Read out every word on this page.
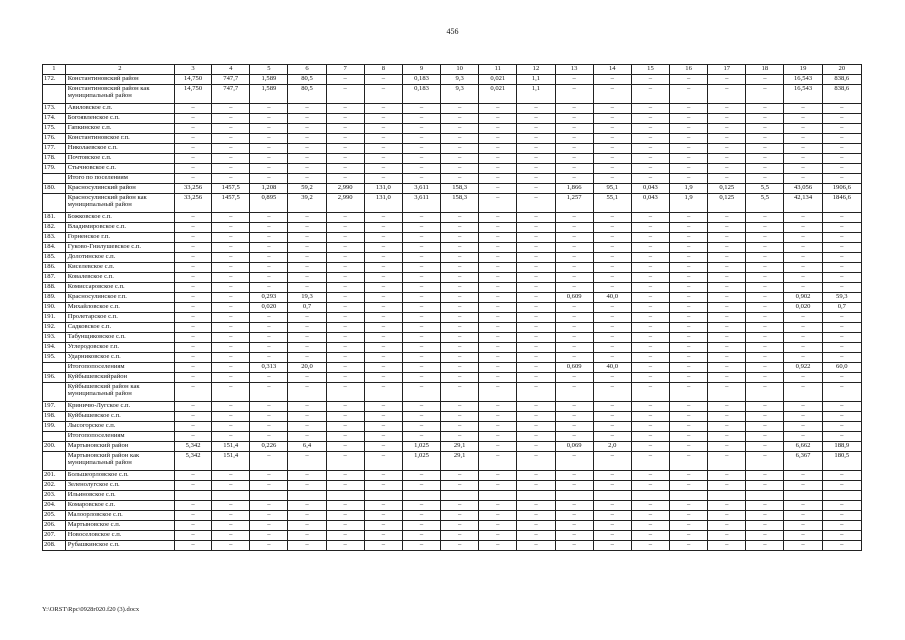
456
1	2	3	4	5	6	7	8	9	10	11	12	13	14	15	16	17	18	19	20
172.	Константиновский район	14,750	747,7	1,589	80,5	–	–	0,183	9,3	0,021	1,1	–	–	–	–	–	–	16,543	838,6
	Константиновский район как муниципальный район	14,750	747,7	1,589	80,5	–	–	0,183	9,3	0,021	1,1	–	–	–	–	–	–	16,543	838,6
173.	Авиловское с.п.	–	–	–	–	–	–	–	–	–	–	–	–	–	–	–	–	–	–
174.	Богоявленское с.п.	–	–	–	–	–	–	–	–	–	–	–	–	–	–	–	–	–	–
175.	Гапкинское с.п.	–	–	–	–	–	–	–	–	–	–	–	–	–	–	–	–	–	–
176.	Константиновское г.п.	–	–	–	–	–	–	–	–	–	–	–	–	–	–	–	–	–	–
177.	Николаевское с.п.	–	–	–	–	–	–	–	–	–	–	–	–	–	–	–	–	–	–
178.	Почтовское с.п.	–	–	–	–	–	–	–	–	–	–	–	–	–	–	–	–	–	–
179.	Стычновское с.п.	–	–	–	–	–	–	–	–	–	–	–	–	–	–	–	–	–	–
	Итого по поселениям	–	–	–	–	–	–	–	–	–	–	–	–	–	–	–	–	–	–
180.	Красносулинский район	33,256	1457,5	1,208	59,2	2,990	131,0	3,611	158,3	–	–	1,866	95,1	0,043	1,9	0,125	5,5	43,056	1906,6
	Красносулинский район как муниципальный район	33,256	1457,5	0,895	39,2	2,990	131,0	3,611	158,3	–	–	1,257	55,1	0,043	1,9	0,125	5,5	42,134	1846,6
181.	Божковское с.п.	–	–	–	–	–	–	–	–	–	–	–	–	–	–	–	–	–	–
182.	Владимировское с.п.	–	–	–	–	–	–	–	–	–	–	–	–	–	–	–	–	–	–
183.	Горненское г.п.	–	–	–	–	–	–	–	–	–	–	–	–	–	–	–	–	–	–
184.	Гуково-Гнилушевское с.п.	–	–	–	–	–	–	–	–	–	–	–	–	–	–	–	–	–	–
185.	Долотинское с.п.	–	–	–	–	–	–	–	–	–	–	–	–	–	–	–	–	–	–
186.	Киселевское с.п.	–	–	–	–	–	–	–	–	–	–	–	–	–	–	–	–	–	–
187.	Ковалевское с.п.	–	–	–	–	–	–	–	–	–	–	–	–	–	–	–	–	–	–
188.	Комиссаровское с.п.	–	–	–	–	–	–	–	–	–	–	–	–	–	–	–	–	–	–
189.	Красносулинское г.п.	–	–	0,293	19,3	–	–	–	–	–	–	0,609	40,0	–	–	–	–	0,902	59,3
190.	Михайловское с.п.	–	–	0,020	0,7	–	–	–	–	–	–	–	–	–	–	–	–	0,020	0,7
191.	Пролетарское с.п.	–	–	–	–	–	–	–	–	–	–	–	–	–	–	–	–	–	–
192.	Садковское с.п.	–	–	–	–	–	–	–	–	–	–	–	–	–	–	–	–	–	–
193.	Табунщиковское с.п.	–	–	–	–	–	–	–	–	–	–	–	–	–	–	–	–	–	–
194.	Углеродовское г.п.	–	–	–	–	–	–	–	–	–	–	–	–	–	–	–	–	–	–
195.	Ударниковское с.п.	–	–	–	–	–	–	–	–	–	–	–	–	–	–	–	–	–	–
	Итогопопоселениям	–	–	0,313	20,0	–	–	–	–	–	–	0,609	40,0	–	–	–	–	0,922	60,0
196.	Куйбышевскийрайон	–	–	–	–	–	–	–	–	–	–	–	–	–	–	–	–	–	–
	Куйбышевский район как муниципальный район	–	–	–	–	–	–	–	–	–	–	–	–	–	–	–	–	–	–
197.	Криничю-Лугское с.п.	–	–	–	–	–	–	–	–	–	–	–	–	–	–	–	–	–	–
198.	Куйбышевское с.п.	–	–	–	–	–	–	–	–	–	–	–	–	–	–	–	–	–	–
199.	Лысогорское с.п.	–	–	–	–	–	–	–	–	–	–	–	–	–	–	–	–	–	–
	Итогопопоселениям	–	–	–	–	–	–	–	–	–	–	–	–	–	–	–	–	–	–
200.	Мартыновский район	5,342	151,4	0,226	6,4	–	–	1,025	29,1	–	–	0,069	2,0	–	–	–	–	6,662	188,9
	Мартыновский район как муниципальный район	5,342	151,4	–	–	–	–	1,025	29,1	–	–	–	–	–	–	–	–	6,367	180,5
201.	Большеорловское с.п.	–	–	–	–	–	–	–	–	–	–	–	–	–	–	–	–	–	–
202.	Зеленолугское с.п.	–	–	–	–	–	–	–	–	–	–	–	–	–	–	–	–	–	–
203.	Ильиновское с.п.																		
204.	Комаровское с.п.	–	–	–	–	–	–	–	–	–	–	–	–	–	–	–	–	–	–
205.	Малоорловское с.п.	–	–	–	–	–	–	–	–	–	–	–	–	–	–	–	–	–	–
206.	Мартыновское с.п.	–	–	–	–	–	–	–	–	–	–	–	–	–	–	–	–	–	–
207.	Новоселовское с.п.	–	–	–	–	–	–	–	–	–	–	–	–	–	–	–	–	–	–
208.	Рубашкинское с.п.	–	–	–	–	–	–	–	–	–	–	–	–	–	–	–	–	–	–
Y:\ORST\Rpc\0928r020.f20 (3).docx
